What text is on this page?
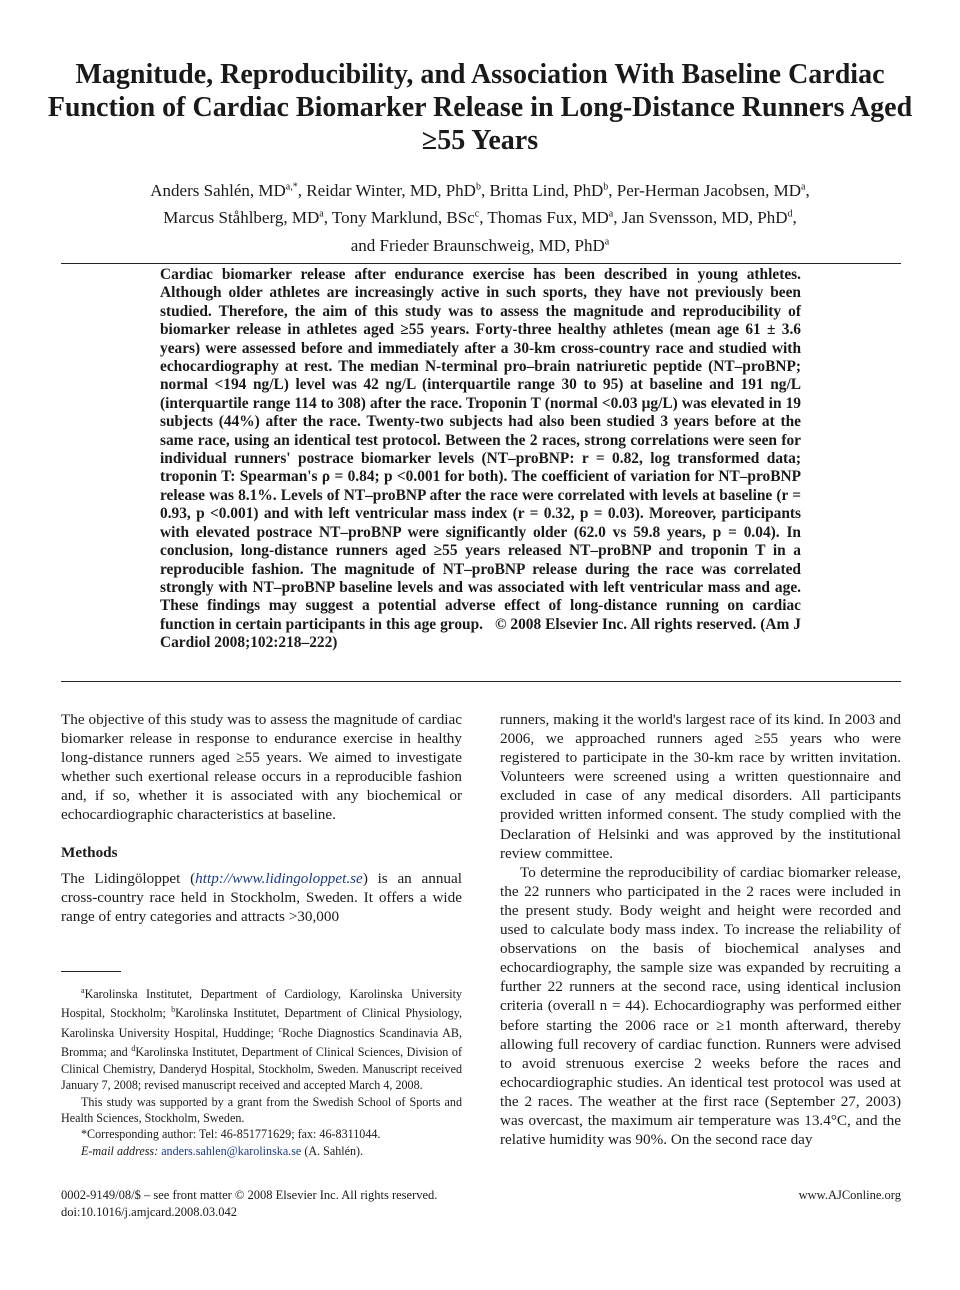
Magnitude, Reproducibility, and Association With Baseline Cardiac Function of Cardiac Biomarker Release in Long-Distance Runners Aged ≥55 Years
Anders Sahlén, $MD^{a,*}$, Reidar Winter, MD, PhD$^b$, Britta Lind, PhD$^b$, Per-Herman Jacobsen, $MD^a$,
Marcus Ståhlberg, $MD^a$, Tony Marklund, BSc$^c$, Thomas Fux, $MD^a$, Jan Svensson, MD, PhD$^d$,
and Frieder Braunschweig, MD, PhD$^a$
Cardiac biomarker release after endurance exercise has been described in young athletes. Although older athletes are increasingly active in such sports, they have not previously been studied. Therefore, the aim of this study was to assess the magnitude and reproducibility of biomarker release in athletes aged ≥55 years. Forty-three healthy athletes (mean age 61 ± 3.6 years) were assessed before and immediately after a 30-km cross-country race and studied with echocardiography at rest. The median N-terminal pro–brain natriuretic peptide (NT–proBNP; normal <194 ng/L) level was 42 ng/L (interquartile range 30 to 95) at baseline and 191 ng/L (interquartile range 114 to 308) after the race. Troponin T (normal <0.03 μg/L) was elevated in 19 subjects (44%) after the race. Twenty-two subjects had also been studied 3 years before at the same race, using an identical test protocol. Between the 2 races, strong correlations were seen for individual runners' postrace biomarker levels (NT–proBNP: r = 0.82, log transformed data; troponin T: Spearman's ρ = 0.84; p <0.001 for both). The coefficient of variation for NT–proBNP release was 8.1%. Levels of NT–proBNP after the race were correlated with levels at baseline (r = 0.93, p <0.001) and with left ventricular mass index (r = 0.32, p = 0.03). Moreover, participants with elevated postrace NT–proBNP were significantly older (62.0 vs 59.8 years, p = 0.04). In conclusion, long-distance runners aged ≥55 years released NT–proBNP and troponin T in a reproducible fashion. The magnitude of NT–proBNP release during the race was correlated strongly with NT–proBNP baseline levels and was associated with left ventricular mass and age. These findings may suggest a potential adverse effect of long-distance running on cardiac function in certain participants in this age group. © 2008 Elsevier Inc. All rights reserved. (Am J Cardiol 2008;102:218–222)

The objective of this study was to assess the magnitude of cardiac biomarker release in response to endurance exercise in healthy long-distance runners aged ≥55 years. We aimed to investigate whether such exertional release occurs in a reproducible fashion and, if so, whether it is associated with any biochemical or echocardiographic characteristics at baseline.

Methods

The Lidingöloppet (http://www.lidingoloppet.se) is an annual cross-country race held in Stockholm, Sweden. It offers a wide range of entry categories and attracts >30,000

runners, making it the world's largest race of its kind. In 2003 and 2006, we approached runners aged ≥55 years who were registered to participate in the 30-km race by written invitation. Volunteers were screened using a written questionnaire and excluded in case of any medical disorders. All participants provided written informed consent. The study complied with the Declaration of Helsinki and was approved by the institutional review committee.

To determine the reproducibility of cardiac biomarker release, the 22 runners who participated in the 2 races were included in the present study. Body weight and height were recorded and used to calculate body mass index. To increase the reliability of observations on the basis of biochemical analyses and echocardiography, the sample size was expanded by recruiting a further 22 runners at the second race, using identical inclusion criteria (overall n = 44). Echocardiography was performed either before starting the 2006 race or ≥1 month afterward, thereby allowing full recovery of cardiac function. Runners were advised to avoid strenuous exercise 2 weeks before the races and echocardiographic studies. An identical test protocol was used at the 2 races. The weather at the first race (September 27, 2003) was overcast, the maximum air temperature was 13.4°C, and the relative humidity was 90%. On the second race day

$^a$Karolinska Institutet, Department of Cardiology, Karolinska University Hospital, Stockholm; $^b$Karolinska Institutet, Department of Clinical Physiology, Karolinska University Hospital, Huddinge; $^c$Roche Diagnostics Scandinavia AB, Bromma; and $^d$Karolinska Institutet, Department of Clinical Sciences, Division of Clinical Chemistry, Danderyd Hospital, Stockholm, Sweden. Manuscript received January 7, 2008; revised manuscript received and accepted March 4, 2008.

This study was supported by a grant from the Swedish School of Sports and Health Sciences, Stockholm, Sweden.

*Corresponding author: Tel: 46-851771629; fax: 46-8311044.

E-mail address: anders.sahlen@karolinska.se (A. Sahlén).

0002-9149/08/$ – see front matter © 2008 Elsevier Inc. All rights reserved.
doi:10.1016/j.amjcard.2008.03.042
www.AJConline.org
